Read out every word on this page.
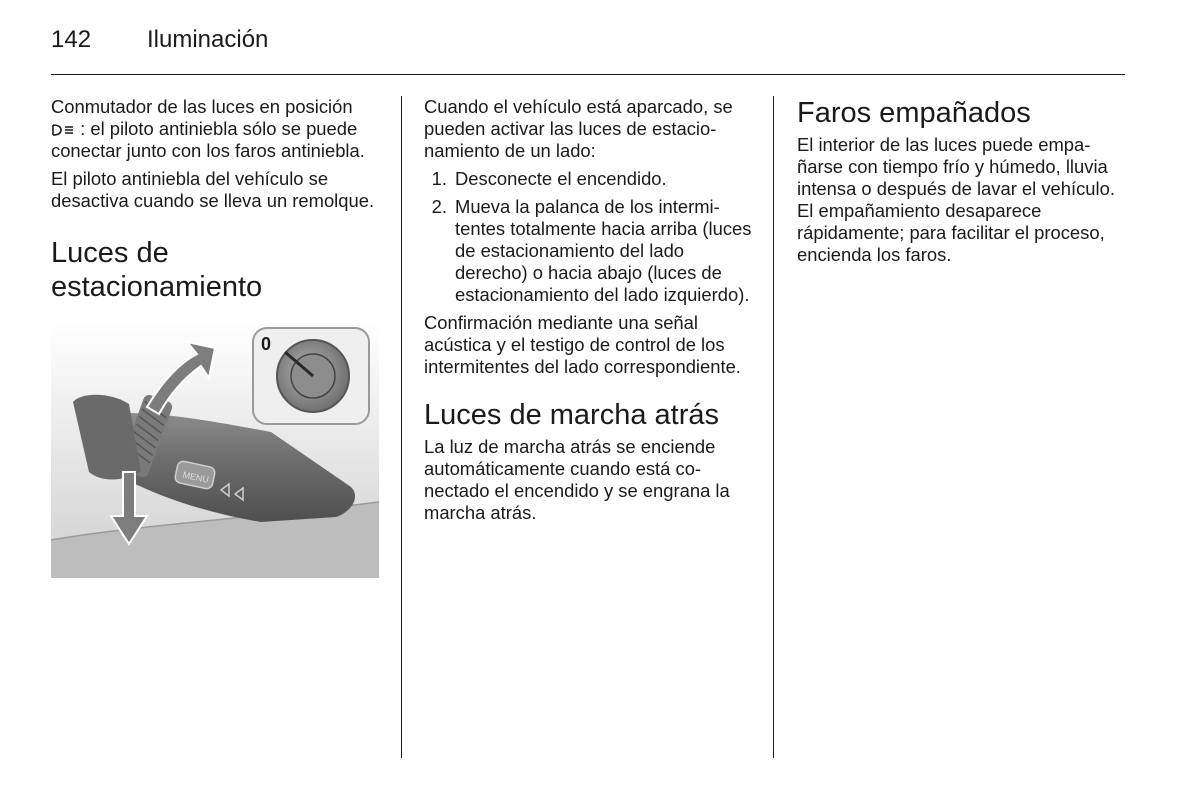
142 Iluminación

Conmutador de las luces en posición  : el piloto antiniebla sólo se puede conectar junto con los faros antiniebla.

El piloto antiniebla del vehículo se desactiva cuando se lleva un remolque.

Luces de estacionamiento
MENU
0

Cuando el vehículo está aparcado, se pueden activar las luces de estacionamiento de un lado:

1. Desconecte el encendido.
2. Mueva la palanca de los intermitentes totalmente hacia arriba (luces de estacionamiento del lado derecho) o hacia abajo (luces de estacionamiento del lado izquierdo).

Confirmación mediante una señal acústica y el testigo de control de los intermitentes del lado correspondiente.

Luces de marcha atrás

La luz de marcha atrás se enciende automáticamente cuando está conectado el encendido y se engrana la marcha atrás.

Faros empañados

El interior de las luces puede empañarse con tiempo frío y húmedo, lluvia intensa o después de lavar el vehículo. El empañamiento desaparece rápidamente; para facilitar el proceso, encienda los faros.
